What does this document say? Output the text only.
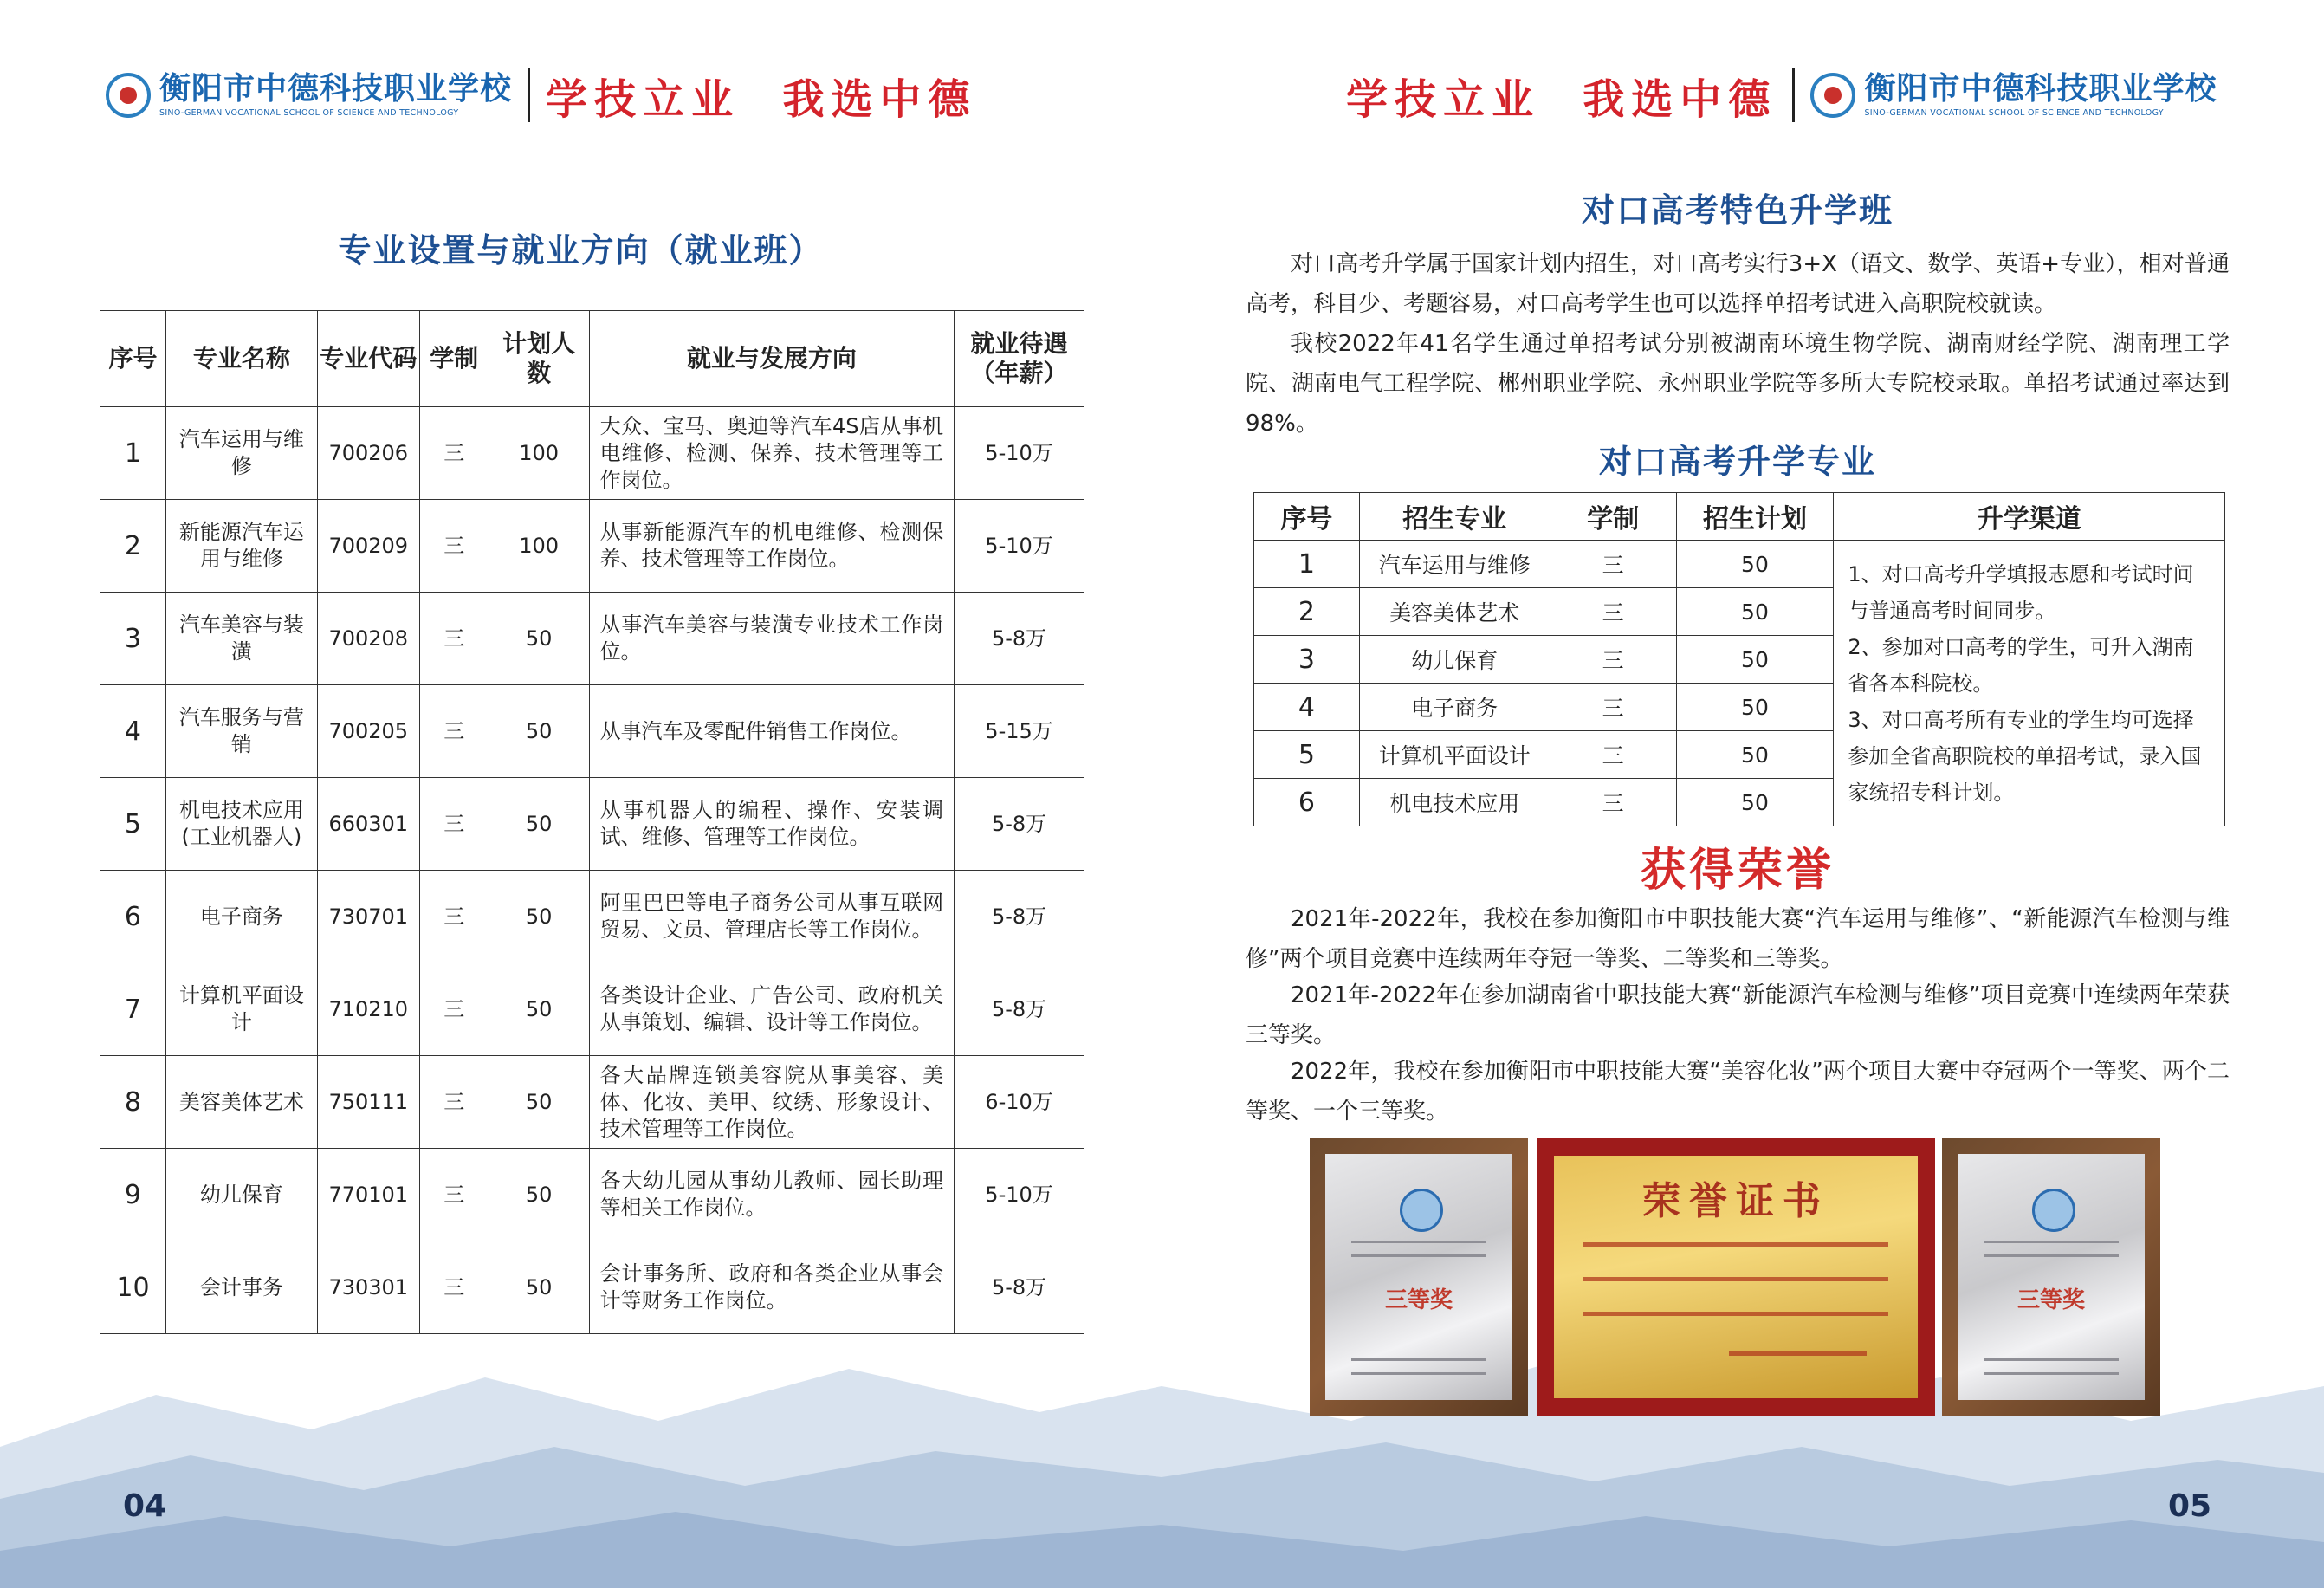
衡阳市中德科技职业学校
SINO-GERMAN VOCATIONAL SCHOOL OF SCIENCE AND TECHNOLOGY	学技立业  我选中德
专业设置与就业方向（就业班）
序号	专业名称	专业代码	学制	计划人数	就业与发展方向	就业待遇（年薪）
1	汽车运用与维修	700206	三	100	大众、宝马、奥迪等汽车4S店从事机电维修、检测、保养、技术管理等工作岗位。	5-10万
2	新能源汽车运用与维修	700209	三	100	从事新能源汽车的机电维修、检测保养、技术管理等工作岗位。	5-10万
3	汽车美容与装潢	700208	三	50	从事汽车美容与装潢专业技术工作岗位。	5-8万
4	汽车服务与营销	700205	三	50	从事汽车及零配件销售工作岗位。	5-15万
5	机电技术应用(工业机器人)	660301	三	50	从事机器人的编程、操作、安装调试、维修、管理等工作岗位。	5-8万
6	电子商务	730701	三	50	阿里巴巴等电子商务公司从事互联网贸易、文员、管理店长等工作岗位。	5-8万
7	计算机平面设计	710210	三	50	各类设计企业、广告公司、政府机关从事策划、编辑、设计等工作岗位。	5-8万
8	美容美体艺术	750111	三	50	各大品牌连锁美容院从事美容、美体、化妆、美甲、纹绣、形象设计、技术管理等工作岗位。	6-10万
9	幼儿保育	770101	三	50	各大幼儿园从事幼儿教师、园长助理等相关工作岗位。	5-10万
10	会计事务	730301	三	50	会计事务所、政府和各类企业从事会计等财务工作岗位。	5-8万
04
学技立业  我选中德	衡阳市中德科技职业学校
SINO-GERMAN VOCATIONAL SCHOOL OF SCIENCE AND TECHNOLOGY
05
对口高考特色升学班

对口高考升学属于国家计划内招生，对口高考实行3+X（语文、数学、英语+专业），相对普通高考，科目少、考题容易，对口高考学生也可以选择单招考试进入高职院校就读。

我校2022年41名学生通过单招考试分别被湖南环境生物学院、湖南财经学院、湖南理工学院、湖南电气工程学院、郴州职业学院、永州职业学院等多所大专院校录取。单招考试通过率达到98%。

对口高考升学专业
序号	招生专业	学制	招生计划	升学渠道
1	汽车运用与维修	三	50	1、对口高考升学填报志愿和考试时间与普通高考时间同步。
2、参加对口高考的学生，可升入湖南省各本科院校。
3、对口高考所有专业的学生均可选择参加全省高职院校的单招考试，录入国家统招专科计划。

2	美容美体艺术	三	50	
3	幼儿保育	三	50	
4	电子商务	三	50	
5	计算机平面设计	三	50	
6	机电技术应用	三	50	
获得荣誉

2021年-2022年，我校在参加衡阳市中职技能大赛“汽车运用与维修”、“新能源汽车检测与维修”两个项目竞赛中连续两年夺冠一等奖、二等奖和三等奖。

2021年-2022年在参加湖南省中职技能大赛“新能源汽车检测与维修”项目竞赛中连续两年荣获三等奖。

2022年，我校在参加衡阳市中职技能大赛“美容化妆”两个项目大赛中夺冠两个一等奖、两个二等奖、一个三等奖。

三等奖
荣誉证书
三等奖
